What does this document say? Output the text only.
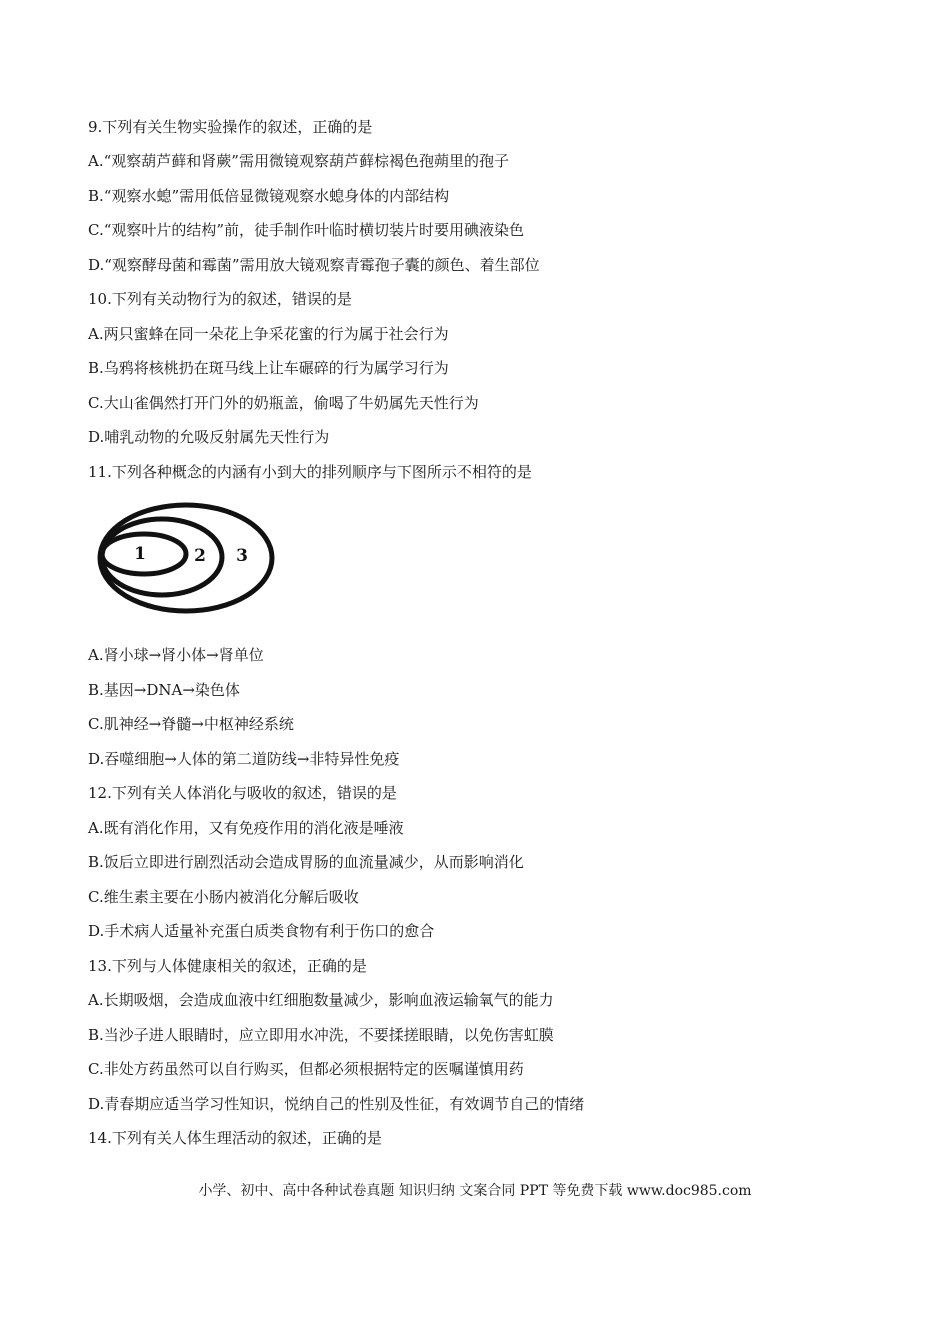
9.下列有关生物实验操作的叙述，正确的是
A.“观察葫芦藓和肾蕨”需用微镜观察葫芦藓棕褐色孢蒴里的孢子
B.“观察水螅”需用低倍显微镜观察水螅身体的内部结构
C.“观察叶片的结构”前，徒手制作叶临时横切装片时要用碘液染色
D.“观察酵母菌和霉菌”需用放大镜观察青霉孢子囊的颜色、着生部位
10.下列有关动物行为的叙述，错误的是
A.两只蜜蜂在同一朵花上争采花蜜的行为属于社会行为
B.乌鸦将核桃扔在斑马线上让车碾碎的行为属学习行为
C.大山雀偶然打开门外的奶瓶盖，偷喝了牛奶属先天性行为
D.哺乳动物的允吸反射属先天性行为
11.下列各种概念的内涵有小到大的排列顺序与下图所示不相符的是
1	2 3
A.肾小球→肾小体→肾单位
B.基因→DNA→染色体
C.肌神经→脊髓→中枢神经系统
D.吞噬细胞→人体的第二道防线→非特异性免疫
12.下列有关人体消化与吸收的叙述，错误的是
A.既有消化作用，又有免疫作用的消化液是唾液
B.饭后立即进行剧烈活动会造成胃肠的血流量减少，从而影响消化
C.维生素主要在小肠内被消化分解后吸收
D.手术病人适量补充蛋白质类食物有利于伤口的愈合
13.下列与人体健康相关的叙述，正确的是
A.长期吸烟，会造成血液中红细胞数量减少，影响血液运输氧气的能力
B.当沙子进人眼睛时，应立即用水冲洗，不要揉搓眼睛，以免伤害虹膜
C.非处方药虽然可以自行购买，但都必须根据特定的医嘱谨慎用药
D.青春期应适当学习性知识，悦纳自己的性别及性征，有效调节自己的情绪
14.下列有关人体生理活动的叙述，正确的是
小学、初中、高中各种试卷真题 知识归纳 文案合同 PPT 等免费下载 www.doc985.com
